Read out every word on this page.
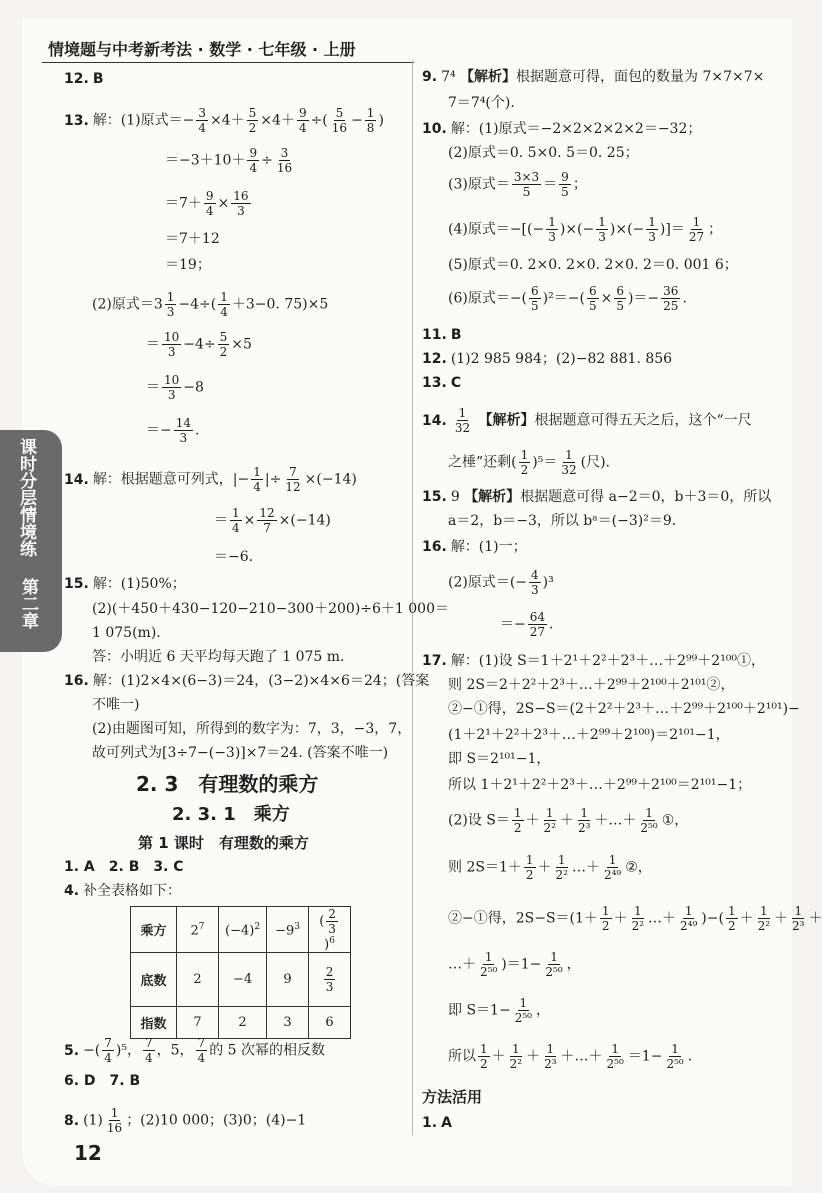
情境题与中考新考法 · 数学 · 七年级 · 上册
课时分层情境练
第二章
12. B
13. 解：(1)原式＝− $\frac{3}{4} \times 4+ \frac{5}{2} \times 4+ \frac{9}{4}$ ÷( $\frac{5}{16} - \frac{1}{8}$ )
$=-3+10+ \frac{9}{4} \div \frac{3}{16}$
$=7+ \frac{9}{4} \times \frac{16}{3}$
＝7＋12
＝19；
(2)原式$=3 \frac{1}{3} -4\div( \frac{1}{4} +3-0$. 75)×5
＝ $\frac{10}{3} -4\div \frac{5}{2} \times 5$
＝ $\frac{10}{3} -8$
＝− $\frac{14}{3}$ .
14. 解：根据题意可列式，|− $\frac{1}{4}$ |÷ $\frac{7}{12} \times(-14)$
＝ $\frac{1}{4} \times \frac{12}{7} \times(-14)$
＝−6.
15. 解：(1)50%；
(2)(＋450＋430−120−210−300＋200)÷6＋1 000＝
1 075(m).
答：小明近 6 天平均每天跑了 1 075 m.
16. 解：(1)2×4×(6−3)＝24，(3−2)×4×6＝24；(答案
不唯一)
(2)由题图可知，所得到的数字为：7，3，−3，7，
故可列式为[3÷7−(−3)]×7＝24. (答案不唯一)
2. 3　有理数的乘方
2. 3. 1　乘方
第 1 课时　有理数的乘方
1. A　2. B　3. C
4. 补全表格如下：
乘方	$2^7$	$(-4)^2$	$-9^3$	( $\frac{2}{3}$
)$^6$
底数	2	−4	9	$\frac{2}{3}$

指数	7	2	3	6
5. −( $\frac{7}{4} )^5$， $\frac{7}{4}$ ，5， $\frac{7}{4}$ 的 5 次幂的相反数
6. D　7. B
8. $(1) \frac{1}{16}$ ；(2)10 000；(3)0；(4)−1
12
9. 7⁴ 【解析】根据题意可得，面包的数量为 7×7×7×
7＝7⁴(个).
10. 解：(1)原式＝−2×2×2×2×2＝−32；
(2)原式＝0. 5×0. 5＝0. 25；
(3)原式＝ $\frac{3\times 3}{5} = \frac{9}{5}$ ；
(4)原式＝−[(− $\frac{1}{3}$ )×(− $\frac{1}{3}$ )×(− $\frac{1}{3}$ )]＝ $\frac{1}{27}$ ；
(5)原式＝0. 2×0. 2×0. 2×0. 2＝0. 001 6；
(6)原式＝−( $\frac{6}{5} )^2=-( \frac{6}{5} \times \frac{6}{5}$ )＝− $\frac{36}{25}$ .
11. B
12. (1)2 985 984；(2)−82 881. 856
13. C
14. $\frac{1}{32}$ 【解析】根据题意可得五天之后，这个“一尺
之棰”还剩( $\frac{1}{2} )^5= \frac{1}{32}$ (尺).
15. 9 【解析】根据题意可得 a−2＝0，b＋3＝0，所以
a＝2，b＝−3，所以 bᵃ＝(−3)²＝9.
16. 解：(1)一；
(2)原式＝(− $\frac{4}{3} )^3$
＝− $\frac{64}{27}$ .
17. 解：(1)设 S＝1＋2¹＋2²＋2³＋…＋2⁹⁹＋2¹⁰⁰①，
则 2S＝2＋2²＋2³＋…＋2⁹⁹＋2¹⁰⁰＋2¹⁰¹②，
②−①得，2S−S＝(2＋2²＋2³＋…＋2⁹⁹＋2¹⁰⁰＋2¹⁰¹)−
(1＋2¹＋2²＋2³＋…＋2⁹⁹＋2¹⁰⁰)＝2¹⁰¹−1，
即 S＝2¹⁰¹−1，
所以 1＋2¹＋2²＋2³＋…＋2⁹⁹＋2¹⁰⁰＝2¹⁰¹−1；
(2)设 $S= \frac{1}{2} + \frac{1}{\text{2²}} + \frac{1}{\text{2³}}$ ＋…＋ $\frac{1}{\text{2⁵⁰}}$ ①，
则 $2S=1+ \frac{1}{2} + \frac{1}{\text{2²}}$ …＋ $\frac{1}{\text{2⁴⁹}}$ ②，
②−①得，$2S-S=(1+ \frac{1}{2} + \frac{1}{\text{2²}}$ …＋ $\frac{1}{\text{2⁴⁹}}$ )−( $\frac{1}{2} + \frac{1}{\text{2²}} + \frac{1}{\text{2³}}$ ＋
…＋ $\frac{1}{\text{2⁵⁰}} )=1- \frac{1}{\text{2⁵⁰}}$ ，
即 $S=1- \frac{1}{\text{2⁵⁰}}$ ，
所以 $\frac{1}{2} + \frac{1}{\text{2²}} + \frac{1}{\text{2³}}$ ＋…＋ $\frac{1}{\text{2⁵⁰}} =1- \frac{1}{\text{2⁵⁰}}$ .
方法活用
1. A
